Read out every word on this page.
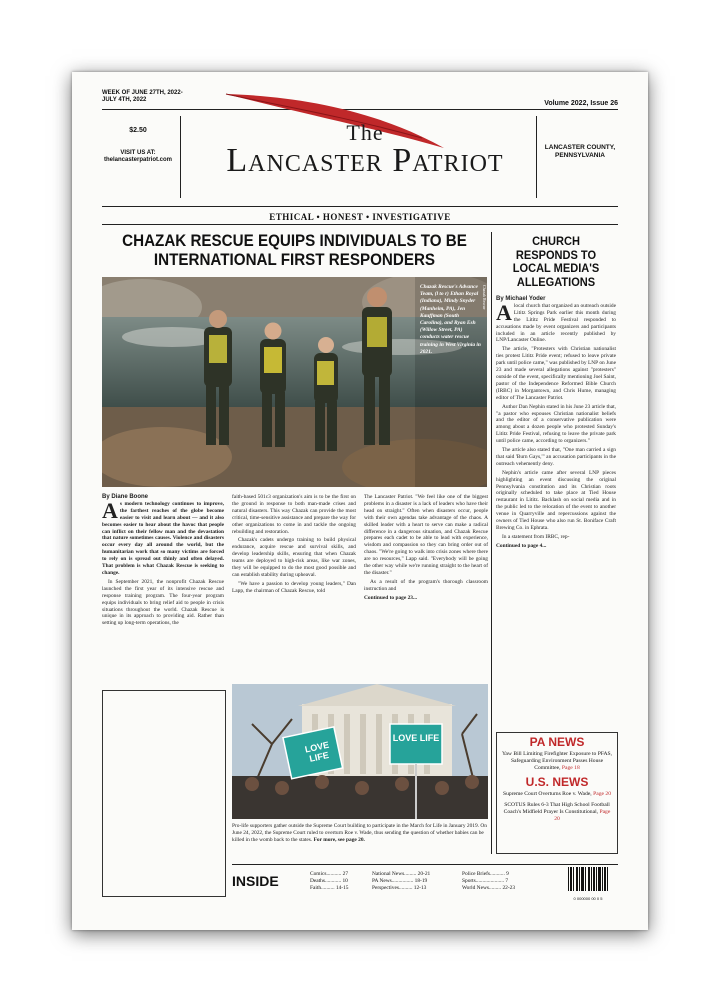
WEEK OF JUNE 27TH, 2022-
JULY 4TH, 2022	Volume 2022, Issue 26
$2.50
VISIT US AT:
thelancasterpatriot.com
The
Lancaster Patriot	LANCASTER COUNTY, PENNSYLVANIA
ETHICAL • HONEST • INVESTIGATIVE
CHAZAK RESCUE EQUIPS INDIVIDUALS TO BE INTERNATIONAL FIRST RESPONDERS
Chazak Rescue's Advance Team, (l to r) Ethan Royal (Indiana), Mindy Snyder (Manheim, PA), Jen Kauffman (South Carolina), and Ryan Esh (Willow Street, PA) conducts water rescue training in West Virginia in 2021.
Chazak Rescue
By Diane Boone

As modern technology continues to improve, the farthest reaches of the globe become easier to visit and learn about — and it also becomes easier to hear about the havoc that people can inflict on their fellow man and the devastation that nature sometimes causes. Violence and disasters occur every day all around the world, but the humanitarian work that so many victims are forced to rely on is spread out thinly and often delayed. That problem is what Chazak Rescue is seeking to change.

In September 2021, the nonprofit Chazak Rescue launched the first year of its intensive rescue and response training program. The four-year program equips individuals to bring relief aid to people in crisis situations throughout the world. Chazak Rescue is unique in its approach to providing aid. Rather than setting up long-term operations, the

faith-based 501c3 organization's aim is to be the first on the ground in response to both man-made crises and natural disasters. This way Chazak can provide the most critical, time-sensitive assistance and prepare the way for other organizations to come in and tackle the ongoing rebuilding and restoration.

Chazak's cadets undergo training to build physical endurance, acquire rescue and survival skills, and develop leadership skills, ensuring that when Chazak teams are deployed to high-risk areas, like war zones, they will be equipped to do the most good possible and can establish stability during upheaval.

"We have a passion to develop young leaders," Dan Lapp, the chairman of Chazak Rescue, told

The Lancaster Patriot. "We feel like one of the biggest problems in a disaster is a lack of leaders who have their head on straight." Often when disasters occur, people with their own agendas take advantage of the chaos. A skilled leader with a heart to serve can make a radical difference in a dangerous situation, and Chazak Rescue prepares each cadet to be able to lead with experience, wisdom and compassion so they can bring order out of chaos. "We're going to walk into crisis zones where there are no resources," Lapp said. "Everybody will be going the other way while we're running straight to the heart of the disaster."

As a result of the program's thorough classroom instruction and

Continued to page 23...
CHURCH RESPONDS TO LOCAL MEDIA'S ALLEGATIONS
By Michael Yoder

Alocal church that organized an outreach outside Lititz Springs Park earlier this month during the Lititz Pride Festival responded to accusations made by event organizers and participants included in an article recently published by LNP/Lancaster Online.

The article, "Protesters with Christian nationalist ties protest Lititz Pride event; refused to leave private park until police came," was published by LNP on June 23 and made several allegations against "protesters" outside of the event, specifically mentioning Joel Saint, pastor of the Independence Reformed Bible Church (IRBC) in Morgantown, and Chris Hume, managing editor of The Lancaster Patriot.

Author Dan Nephin stated in his June 23 article that, "a pastor who espouses Christian nationalist beliefs and the editor of a conservative publication were among about a dozen people who protested Sunday's Lititz Pride Festival, refusing to leave the private park until police came, according to organizers."

The article also stated that, "One man carried a sign that said 'Burn Gays,'" an accusation participants in the outreach vehemently deny.

Nephin's article came after several LNP pieces highlighting an event discussing the original Pennsylvania constitution and its Christian roots originally scheduled to take place at Tied House restaurant in Lititz. Backlash on social media and in the public led to the relocation of the event to another venue in Quarryville and repercussions against the owners of Tied House who also run St. Boniface Craft Brewing Co. in Ephrata.

In a statement from IRBC, rep-

Continued to page 4...
LOVE LIFE
LOVE LIFE
Pro-life supporters gather outside the Supreme Court building to participate in the March for Life in January 2019. On June 24, 2022, the Supreme Court ruled to overturn Roe v. Wade, thus sending the question of whether babies can be killed in the womb back to the states. For more, see page 20.
PA NEWS
Yaw Bill Limiting Firefighter Exposure to PFAS, Safeguarding Environment Passes House Committee, Page 18
U.S. NEWS
Supreme Court Overturns Roe v. Wade, Page 20
SCOTUS Rules 6-3 That High School Football Coach's Midfield Prayer Is Constitutional, Page 20
INSIDE	Comics........... 27
Deaths............ 10
Faith.......... 14-15
National News......... 20-21
PA News................ 18-19
Perspectives.......... 12-13
Police Briefs........... 9
Sports..................... 7
World News......... 22-23
0 000000 00 0 5
